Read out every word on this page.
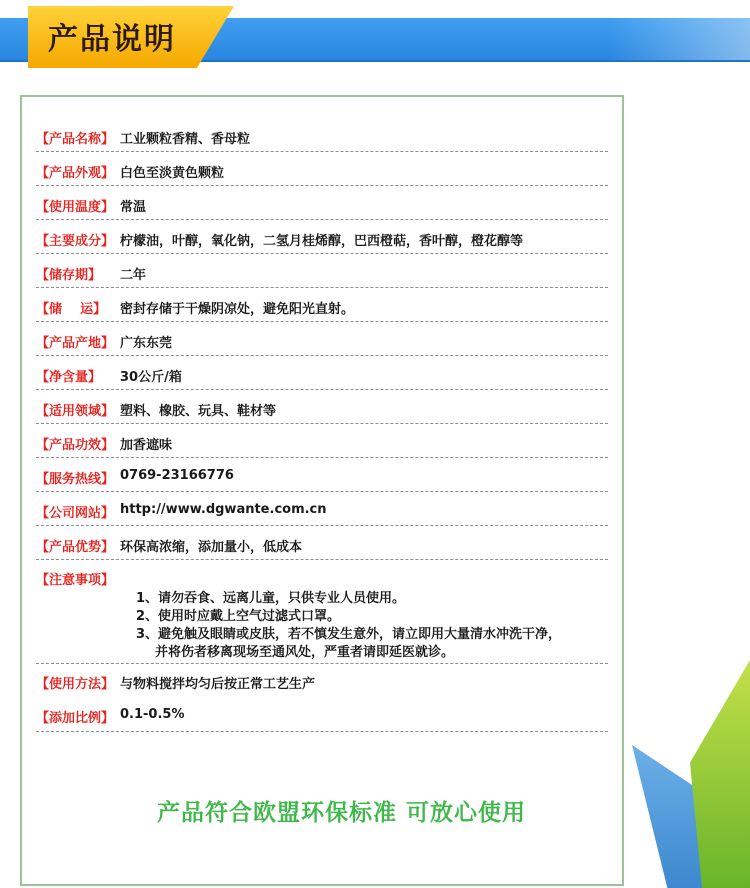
产品说明
【产品名称】 工业颗粒香精、香母粒
【产品外观】 白色至淡黄色颗粒
【使用温度】 常温
【主要成分】 柠檬油，叶醇，氧化钠，二氢月桂烯醇，巴西橙萜，香叶醇，橙花醇等
【储存期】 二年
【储    运】 密封存储于干燥阴凉处，避免阳光直射。
【产品产地】 广东东莞
【净含量】 30公斤/箱
【适用领域】 塑料、橡胶、玩具、鞋材等
【产品功效】 加香遮味
【服务热线】 0769-23166776
【公司网站】 http://www.dgwante.com.cn
【产品优势】 环保高浓缩，添加量小，低成本
【注意事项】
1、请勿吞食、远离儿童，只供专业人员使用。
2、使用时应戴上空气过滤式口罩。
3、避免触及眼睛或皮肤，若不慎发生意外，请立即用大量清水冲洗干净，
并将伤者移离现场至通风处，严重者请即延医就诊。
【使用方法】 与物料搅拌均匀后按正常工艺生产
【添加比例】 0.1-0.5%
产品符合欧盟环保标准 可放心使用
